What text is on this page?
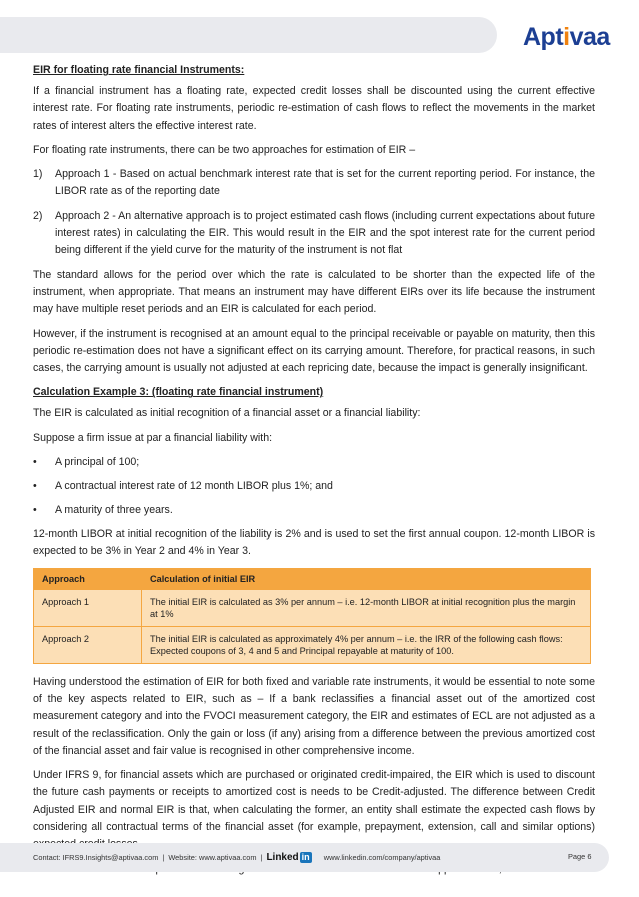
Aptivaa
EIR for floating rate financial Instruments:
If a financial instrument has a floating rate, expected credit losses shall be discounted using the current effective interest rate. For floating rate instruments, periodic re-estimation of cash flows to reflect the movements in the market rates of interest alters the effective interest rate.
For floating rate instruments, there can be two approaches for estimation of EIR –
1)	Approach 1 - Based on actual benchmark interest rate that is set for the current reporting period. For instance, the LIBOR rate as of the reporting date
2)	Approach 2 - An alternative approach is to project estimated cash flows (including current expectations about future interest rates) in calculating the EIR. This would result in the EIR and the spot interest rate for the current period being different if the yield curve for the maturity of the instrument is not flat
The standard allows for the period over which the rate is calculated to be shorter than the expected life of the instrument, when appropriate. That means an instrument may have different EIRs over its life because the instrument may have multiple reset periods and an EIR is calculated for each period.
However, if the instrument is recognised at an amount equal to the principal receivable or payable on maturity, then this periodic re-estimation does not have a significant effect on its carrying amount. Therefore, for practical reasons, in such cases, the carrying amount is usually not adjusted at each repricing date, because the impact is generally insignificant.
Calculation Example 3: (floating rate financial instrument)
The EIR is calculated as initial recognition of a financial asset or a financial liability:
Suppose a firm issue at par a financial liability with:
•	A principal of 100;
•	A contractual interest rate of 12 month LIBOR plus 1%; and
•	A maturity of three years.
12-month LIBOR at initial recognition of the liability is 2% and is used to set the first annual coupon. 12-month LIBOR is expected to be 3% in Year 2 and 4% in Year 3.
Approach	Calculation of initial EIR
Approach 1	The initial EIR is calculated as 3% per annum – i.e. 12-month LIBOR at initial recognition plus the margin at 1%
Approach 2	The initial EIR is calculated as approximately 4% per annum – i.e. the IRR of the following cash flows: Expected coupons of 3, 4 and 5 and Principal repayable at maturity of 100.
Having understood the estimation of EIR for both fixed and variable rate instruments, it would be essential to note some of the key aspects related to EIR, such as – If a bank reclassifies a financial asset out of the amortized cost measurement category and into the FVOCI measurement category, the EIR and estimates of ECL are not adjusted as a result of the reclassification. Only the gain or loss (if any) arising from a difference between the previous amortized cost of the financial asset and fair value is recognised in other comprehensive income.
Under IFRS 9, for financial assets which are purchased or originated credit-impaired, the EIR which is used to discount the future cash payments or receipts to amortized cost is needs to be Credit-adjusted. The difference between Credit Adjusted EIR and normal EIR is that, when calculating the former, an entity shall estimate the expected cash flows by considering all contractual terms of the financial asset (for example, prepayment, extension, call and similar options)
Contact: IFRS9.Insights@aptivaa.com | Website: www.aptivaa.com | Linked in www.linkedin.com/company/aptivaa	Page 6
